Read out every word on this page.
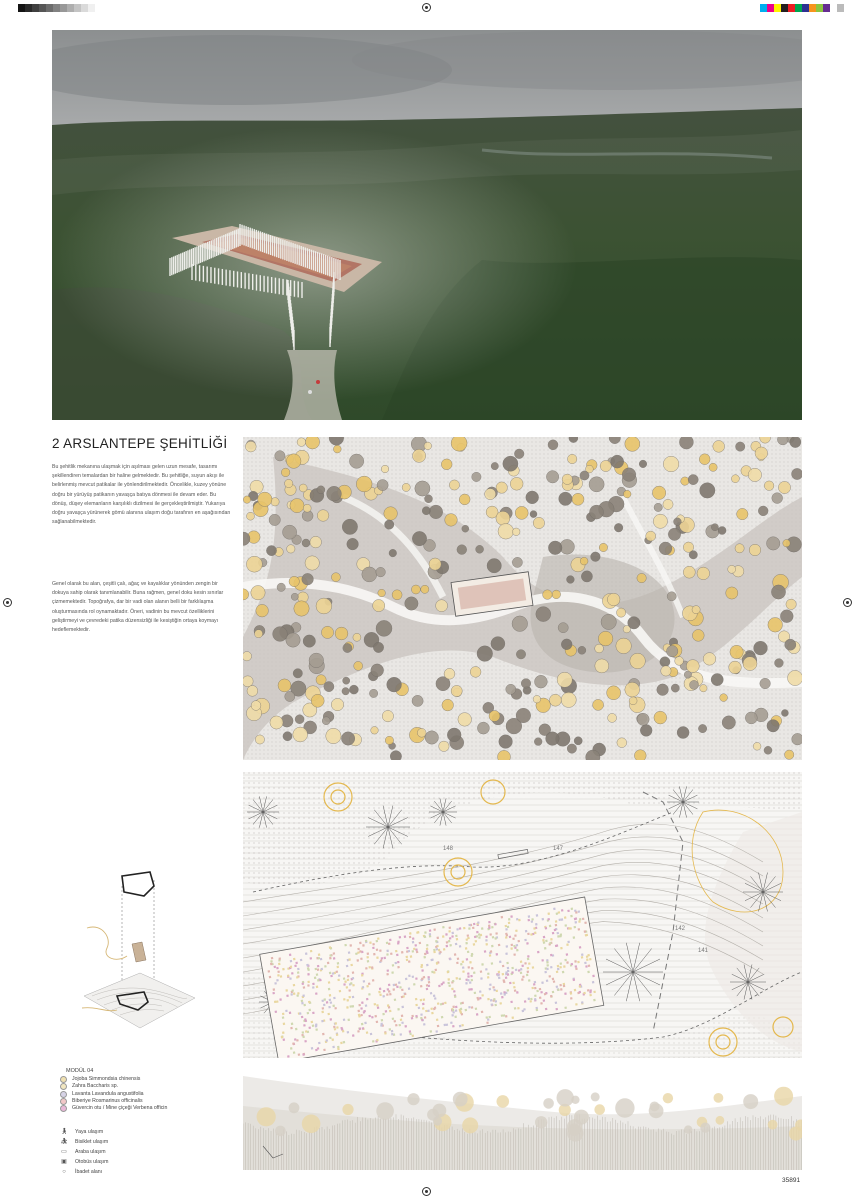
2 ARSLANTEPE ŞEHİTLİĞİ

Bu şehitlik mekanına ulaşmak için aşılması gelen uzun mesafe, tasarımı şekillendiren temalardan bir haline gelmektedir. Bu şehitliğe, suyun akışı ile belirlenmiş mevcut patikalar ile yönlendirilmektedir. Öncelikle, kuzey yönüne doğru bir yürüyüş patikanın yavaşça batıya dönmesi ile devam eder. Bu dönüş, düşey elemanların karşılıklı dizilmesi ile gerçekleştirilmiştir. Yukarıya doğru yavaşça yürünerek gömü alanına ulaşım doğu tarafının en aşağısından sağlanabilmektedir.

Genel olarak bu alan, çeşitli çalı, ağaç ve kayalıklar yönünden zengin bir dokuya sahip olarak tanımlanabilir. Buna rağmen, genel doku kesin sınırlar çizmemektedir. Topoğrafya, dar bir vadi olan alanın belli bir farklılaşma oluşturmasında rol oynamaktadır. Öneri, vadinin bu mevcut özelliklerini geliştirmeyi ve çevredeki patika düzensizliği ile kesiştiğin ortaya koymayı hedeflemektedir.

148	147
142
141
MODÜL 04
Jojoba Simmondsia chinensis
Zahra Baccharis sp.
Lavanta Lavandula angustifolia
Biberiye Rosmarinus officinalis
Güvercin otu / Mine çiçeği Verbena officin
🚶︎ Yaya ulaşım
⛹︎ Bisiklet ulaşım
▭ Araba ulaşım
▣ Otobüs ulaşım
○	İbadet alanı
35891
